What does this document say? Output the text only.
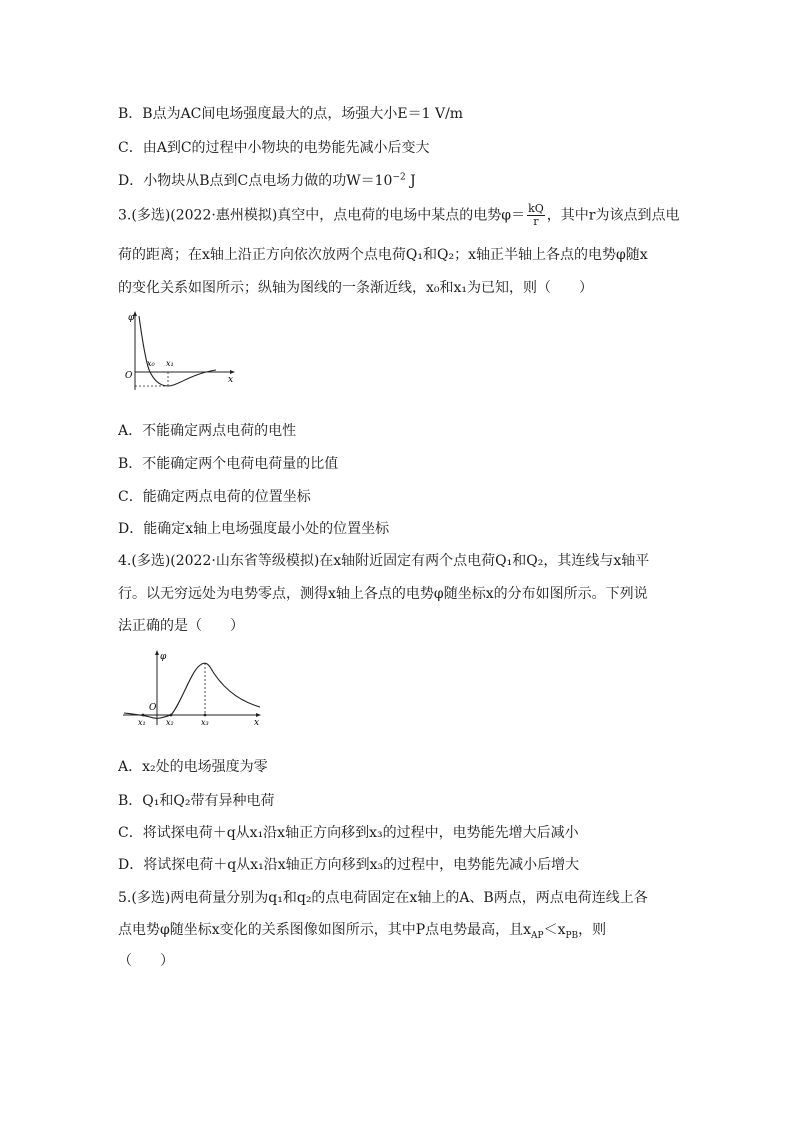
B．B点为AC间电场强度最大的点，场强大小E＝1 V/m
C．由A到C的过程中小物块的电势能先减小后变大
D．小物块从B点到C点电场力做的功$W=10^{-2}$ J
3.(多选)(2022·惠州模拟)真空中，点电荷的电场中某点的电势$\varphi= \frac{kQ}{r}$ ，其中r为该点到点电
荷的距离；在x轴上沿正方向依次放两个点电荷Q₁和Q₂；x轴正半轴上各点的电势φ随x
的变化关系如图所示；纵轴为图线的一条渐近线，x₀和x₁为已知，则（　　）
φ
x
O
x₀ x₁
A．不能确定两点电荷的电性
B．不能确定两个电荷电荷量的比值
C．能确定两点电荷的位置坐标
D．能确定x轴上电场强度最小处的位置坐标
4.(多选)(2022·山东省等级模拟)在x轴附近固定有两个点电荷Q₁和Q₂，其连线与x轴平
行。以无穷远处为电势零点，测得x轴上各点的电势φ随坐标x的分布如图所示。下列说
法正确的是（　　）
φ
x
O
x₁	x₂	x₃
A．x₂处的电场强度为零
B．Q₁和Q₂带有异种电荷
C．将试探电荷＋q从x₁沿x轴正方向移到x₃的过程中，电势能先增大后减小
D．将试探电荷＋q从x₁沿x轴正方向移到x₃的过程中，电势能先减小后增大
5.(多选)两电荷量分别为q₁和q₂的点电荷固定在x轴上的A、B两点，两点电荷连线上各
点电势φ随坐标x变化的关系图像如图所示，其中P点电势最高，且$x_{AP}<x_{PB}$，则
（　　）
